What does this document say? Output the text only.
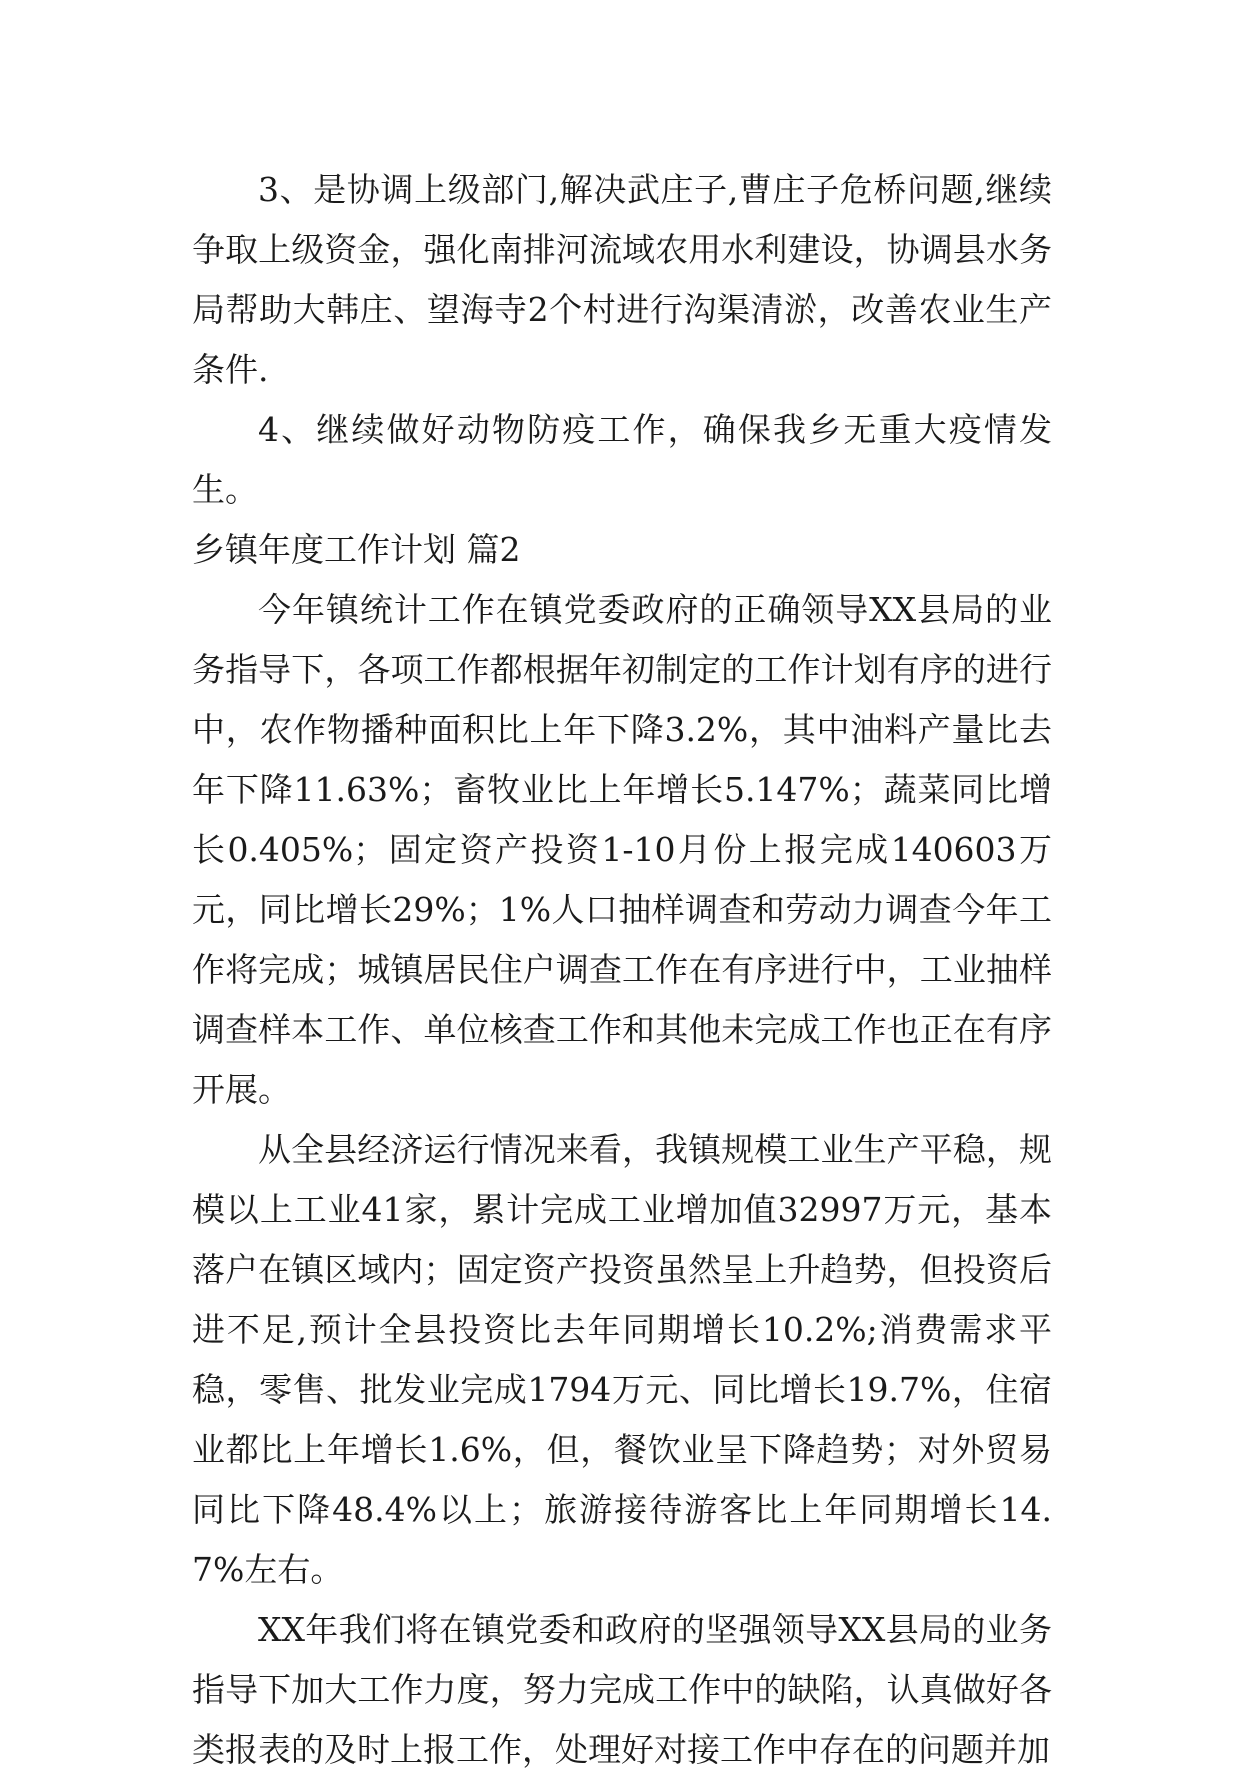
3、是协调上级部门,解决武庄子,曹庄子危桥问题,继续争取上级资金，强化南排河流域农用水利建设，协调县水务局帮助大韩庄、望海寺2个村进行沟渠清淤，改善农业生产条件.

4、继续做好动物防疫工作，确保我乡无重大疫情发生。

乡镇年度工作计划 篇2

今年镇统计工作在镇党委政府的正确领导XX县局的业务指导下，各项工作都根据年初制定的工作计划有序的进行中，农作物播种面积比上年下降3.2%，其中油料产量比去年下降11.63%；畜牧业比上年增长5.147%；蔬菜同比增长0.405%；固定资产投资1-10月份上报完成140603万元，同比增长29%；1%人口抽样调查和劳动力调查今年工作将完成；城镇居民住户调查工作在有序进行中，工业抽样调查样本工作、单位核查工作和其他未完成工作也正在有序开展。

从全县经济运行情况来看，我镇规模工业生产平稳，规模以上工业41家，累计完成工业增加值32997万元，基本落户在镇区域内；固定资产投资虽然呈上升趋势，但投资后进不足,预计全县投资比去年同期增长10.2%;消费需求平稳，零售、批发业完成1794万元、同比增长19.7%，住宿业都比上年增长1.6%，但，餐饮业呈下降趋势；对外贸易同比下降48.4%以上；旅游接待游客比上年同期增长14.7%左右。

XX年我们将在镇党委和政府的坚强领导XX县局的业务指导下加大工作力度，努力完成工作中的缺陷，认真做好各类报表的及时上报工作，处理好对接工作中存在的问题并加
